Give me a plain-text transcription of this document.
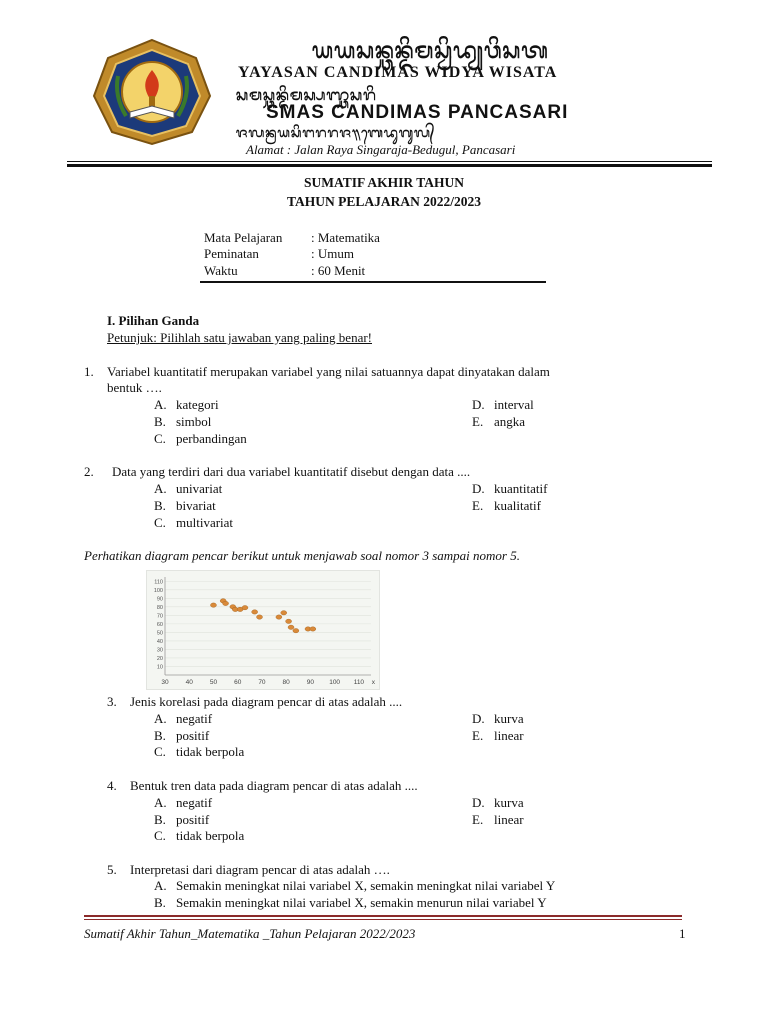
ᬬᬬᬲᬦ᭄ᬘᬦ᭄ᬤᬶᬫᬲ᭄ᬯᬶᬤ᭄ᬬᬯᬶᬲᬢ
YAYASAN CANDIMAS WIDYA WISATA
ᬲᬫᬲ᭄ᬘᬦ᭄ᬤᬶᬫᬲ᭄ᬧᬜ᭄ᬘᬲᬭᬶ
SMAS CANDIMAS PANCASARI
ᬚᬮᬦ᭄ᬭᬬᬲᬶᬗᬭᬭᬚ᭟ᬩᬾᬤᬸᬕᬸᬮ᭄
Alamat : Jalan Raya Singaraja-Bedugul, Pancasari
SUMATIF AKHIR TAHUN
TAHUN PELAJARAN 2022/2023
Mata Pelajaran : Matematika
Peminatan	: Umum
Waktu	: 60 Menit
I. Pilihan Ganda
Petunjuk: Pilihlah satu jawaban yang paling benar!
1. Variabel kuantitatif merupakan variabel yang nilai satuannya dapat dinyatakan dalam
bentuk ….
A. kategori
B. simbol
C. perbandingan
D. interval
E. angka
2. Data yang terdiri dari dua variabel kuantitatif disebut dengan data ....
A. univariat
B. bivariat
C. multivariat
D. kuantitatif
E. kualitatif
Perhatikan diagram pencar berikut untuk menjawab soal nomor 3 sampai nomor 5.
110
100
90
80
70
60
50
40
30
20
10
30	40	50	60	70	80	90 100 110 x
3. Jenis korelasi pada diagram pencar di atas adalah ....
A. negatif
B. positif
C. tidak berpola
D. kurva
E. linear
4. Bentuk tren data pada diagram pencar di atas adalah ....
A. negatif
B. positif
C. tidak berpola
D. kurva
E. linear
5. Interpretasi dari diagram pencar di atas adalah ….
A. Semakin meningkat nilai variabel X, semakin meningkat nilai variabel Y
B. Semakin meningkat nilai variabel X, semakin menurun nilai variabel Y
Sumatif Akhir Tahun_Matematika _Tahun Pelajaran 2022/2023	1
